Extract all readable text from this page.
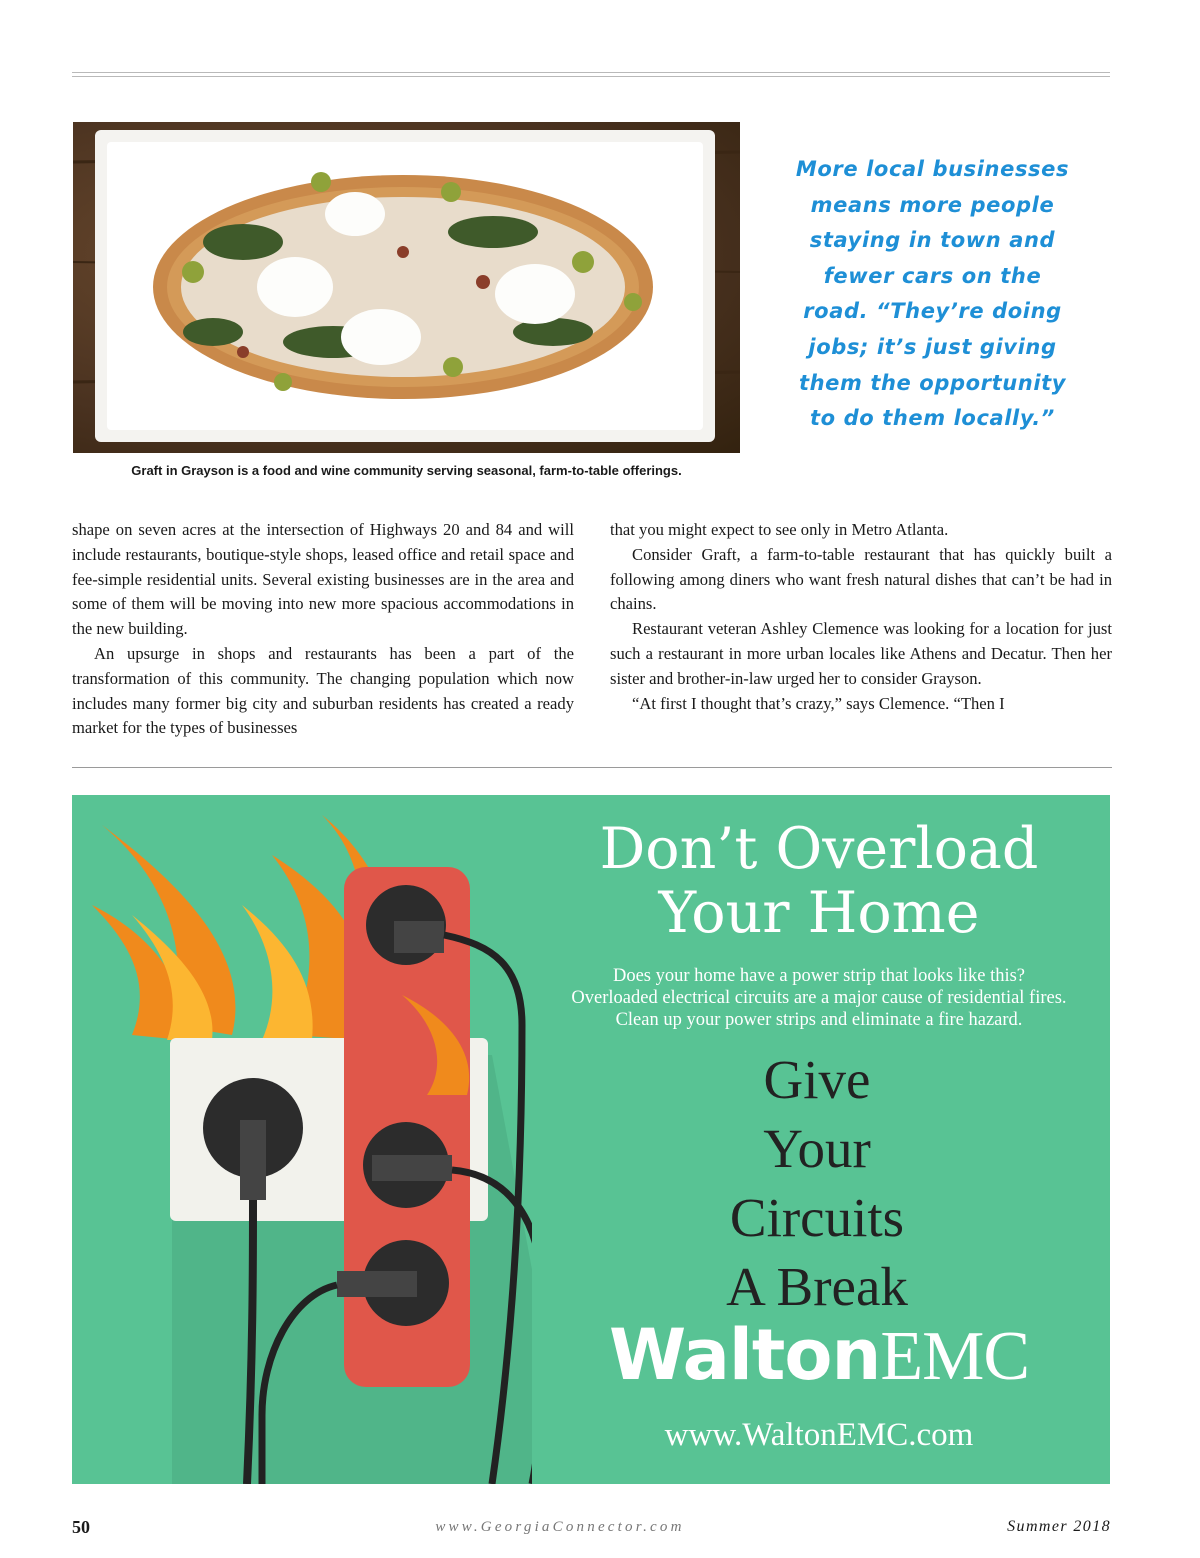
Graft in Grayson is a food and wine community serving seasonal, farm-to-table offerings.
More local businesses
means more people
staying in town and
fewer cars on the
road. “They’re doing
jobs; it’s just giving
them the opportunity
to do them locally.”

shape on seven acres at the intersection of Highways 20 and 84 and will include restaurants, boutique-style shops, leased office and retail space and fee-simple residential units. Several existing businesses are in the area and some of them will be moving into new more spacious accommodations in the new building.

An upsurge in shops and restaurants has been a part of the transformation of this community. The changing population which now includes many former big city and suburban residents has created a ready market for the types of businesses

that you might expect to see only in Metro Atlanta.

Consider Graft, a farm-to-table restaurant that has quickly built a following among diners who want fresh natural dishes that can’t be had in chains.

Restaurant veteran Ashley Clemence was looking for a location for just such a restaurant in more urban locales like Athens and Decatur. Then her sister and brother-in-law urged her to consider Grayson.

“At first I thought that’s crazy,” says Clemence. “Then I

Don’t Overload
Your Home
Does your home have a power strip that looks like this?
Overloaded electrical circuits are a major cause of residential fires.
Clean up your power strips and eliminate a fire hazard.
Give
Your
Circuits
A Break
WaltonEMC
www.WaltonEMC.com
50	www.GeorgiaConnector.com	Summer 2018
